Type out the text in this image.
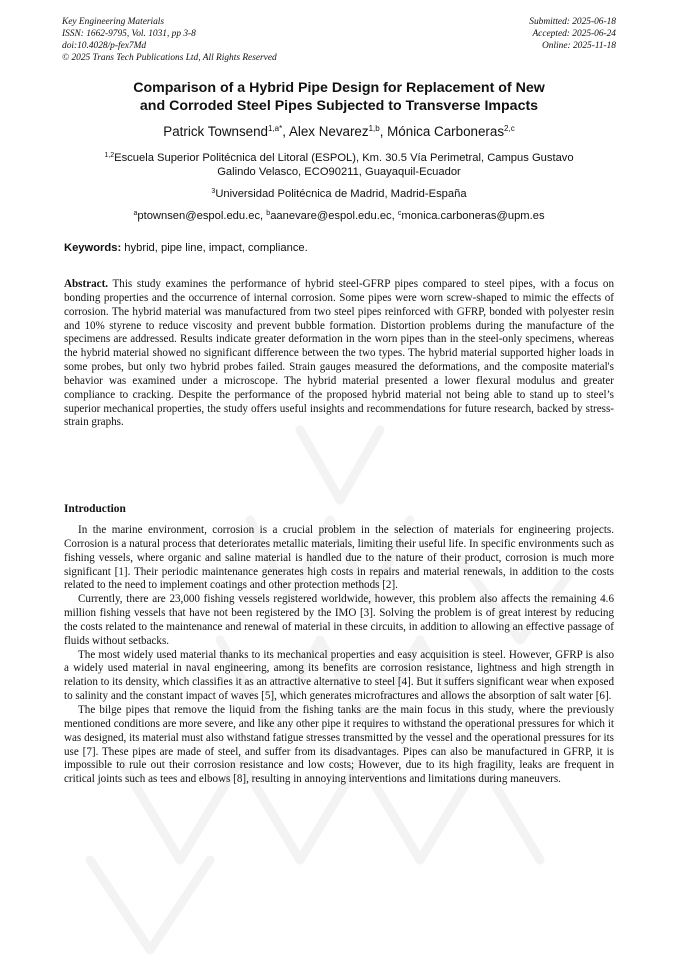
Key Engineering Materials
ISSN: 1662-9795, Vol. 1031, pp 3-8
doi:10.4028/p-fex7Md
© 2025 Trans Tech Publications Ltd, All Rights Reserved
Submitted: 2025-06-18
Accepted: 2025-06-24
Online: 2025-11-18
Comparison of a Hybrid Pipe Design for Replacement of New
and Corroded Steel Pipes Subjected to Transverse Impacts
Patrick Townsend$^{1,a*}$, Alex Nevarez$^{1,b}$, Mónica Carboneras$^{2,c}$
$^{1,2}$Escuela Superior Politécnica del Litoral (ESPOL), Km. 30.5 Vía Perimetral, Campus Gustavo
Galindo Velasco, ECO90211, Guayaquil-Ecuador
$^3$Universidad Politécnica de Madrid, Madrid-España
$^a$ptownsen@espol.edu.ec, $^b$aanevare@espol.edu.ec, $^c$monica.carboneras@upm.es
Keywords: hybrid, pipe line, impact, compliance.
Abstract. This study examines the performance of hybrid steel-GFRP pipes compared to steel pipes, with a focus on bonding properties and the occurrence of internal corrosion. Some pipes were worn screw-shaped to mimic the effects of corrosion. The hybrid material was manufactured from two steel pipes reinforced with GFRP, bonded with polyester resin and 10% styrene to reduce viscosity and prevent bubble formation. Distortion problems during the manufacture of the specimens are addressed. Results indicate greater deformation in the worn pipes than in the steel-only specimens, whereas the hybrid material showed no significant difference between the two types. The hybrid material supported higher loads in some probes, but only two hybrid probes failed. Strain gauges measured the deformations, and the composite material's behavior was examined under a microscope. The hybrid material presented a lower flexural modulus and greater compliance to cracking. Despite the performance of the proposed hybrid material not being able to stand up to steel’s superior mechanical properties, the study offers useful insights and recommendations for future research, backed by stress-strain graphs.
Introduction

In the marine environment, corrosion is a crucial problem in the selection of materials for engineering projects. Corrosion is a natural process that deteriorates metallic materials, limiting their useful life. In specific environments such as fishing vessels, where organic and saline material is handled due to the nature of their product, corrosion is much more significant [1]. Their periodic maintenance generates high costs in repairs and material renewals, in addition to the costs related to the need to implement coatings and other protection methods [2].

Currently, there are 23,000 fishing vessels registered worldwide, however, this problem also affects the remaining 4.6 million fishing vessels that have not been registered by the IMO [3]. Solving the problem is of great interest by reducing the costs related to the maintenance and renewal of material in these circuits, in addition to allowing an effective passage of fluids without setbacks.

The most widely used material thanks to its mechanical properties and easy acquisition is steel. However, GFRP is also a widely used material in naval engineering, among its benefits are corrosion resistance, lightness and high strength in relation to its density, which classifies it as an attractive alternative to steel [4]. But it suffers significant wear when exposed to salinity and the constant impact of waves [5], which generates microfractures and allows the absorption of salt water [6].

The bilge pipes that remove the liquid from the fishing tanks are the main focus in this study, where the previously mentioned conditions are more severe, and like any other pipe it requires to withstand the operational pressures for which it was designed, its material must also withstand fatigue stresses transmitted by the vessel and the operational pressures for its use [7]. These pipes are made of steel, and suffer from its disadvantages. Pipes can also be manufactured in GFRP, it is impossible to rule out their corrosion resistance and low costs; However, due to its high fragility, leaks are frequent in critical joints such as tees and elbows [8], resulting in annoying interventions and limitations during maneuvers.
